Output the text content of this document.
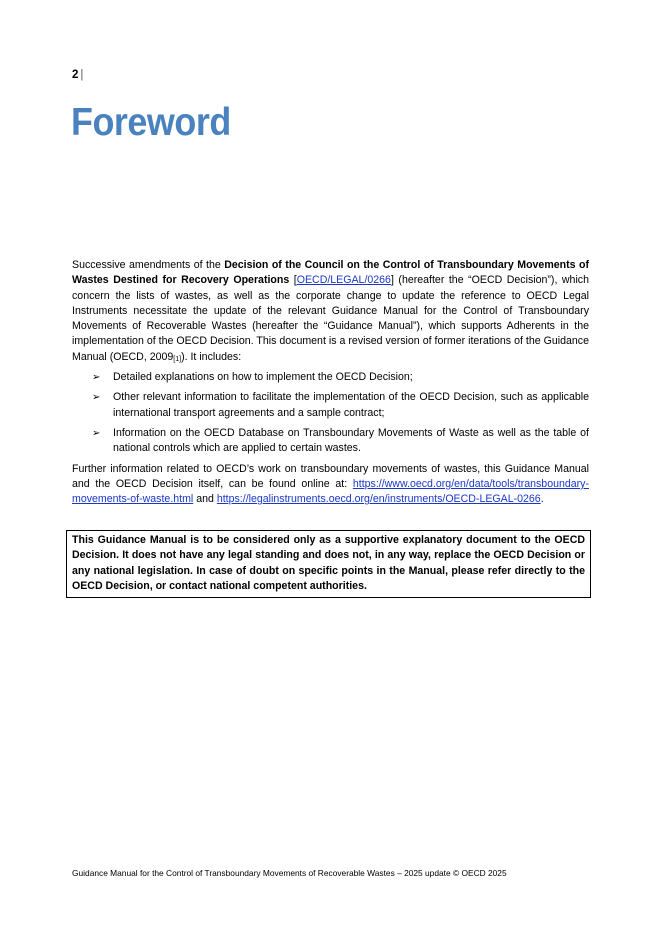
2 |
Foreword

Successive amendments of the Decision of the Council on the Control of Transboundary Movements of Wastes Destined for Recovery Operations [OECD/LEGAL/0266] (hereafter the “OECD Decision”), which concern the lists of wastes, as well as the corporate change to update the reference to OECD Legal Instruments necessitate the update of the relevant Guidance Manual for the Control of Transboundary Movements of Recoverable Wastes (hereafter the “Guidance Manual”), which supports Adherents in the implementation of the OECD Decision. This document is a revised version of former iterations of the Guidance Manual (OECD, $2009_{[1]}$). It includes:

➢ Detailed explanations on how to implement the OECD Decision;
➢ Other relevant information to facilitate the implementation of the OECD Decision, such as applicable international transport agreements and a sample contract;
➢ Information on the OECD Database on Transboundary Movements of Waste as well as the table of national controls which are applied to certain wastes.

Further information related to OECD’s work on transboundary movements of wastes, this Guidance Manual and the OECD Decision itself, can be found online at: https://www.oecd.org/en/data/tools/transboundary-movements-of-waste.html and https://legalinstruments.oecd.org/en/instruments/OECD-LEGAL-0266.

This Guidance Manual is to be considered only as a supportive explanatory document to the OECD Decision. It does not have any legal standing and does not, in any way, replace the OECD Decision or any national legislation. In case of doubt on specific points in the Manual, please refer directly to the OECD Decision, or contact national competent authorities.
Guidance Manual for the Control of Transboundary Movements of Recoverable Wastes – 2025 update © OECD 2025
